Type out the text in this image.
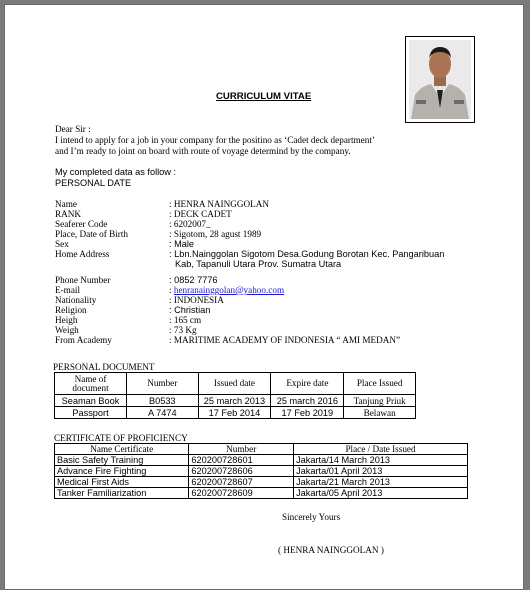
CURRICULUM VITAE
Dear Sir :
I intend to apply for a job in your company for the positino as ‘Cadet deck department’
and I’m ready to joint on board with route of voyage determind by the company.
My completed data as follow :
PERSONAL DATE
Name	: HENRA NAINGGOLAN
RANK	: DECK CADET
Seaferer Code	: 6202007_
Place, Date of Birth	: Sigotom, 28 agust 1989
Sex	: Male
Home Address	: Lbn.Nainggolan Sigotom Desa.Godung Borotan Kec. Pangaribuan
Kab, Tapanuli Utara Prov. Sumatra Utara
Phone Number	: 0852 7776
E-mail	: henranainggolan@yahoo.com
Nationality	: INDONESIA
Religion	: Christian
Heigh	: 165 cm
Weigh	: 73 Kg
From Academy	: MARITIME ACADEMY OF INDONESIA “ AMI MEDAN”
PERSONAL DOCUMENT
Name of document	Number	Issued date	Expire date	Place Issued
Seaman Book	B0533	25 march 2013	25 march 2016	Tanjung Priuk
Passport	A 7474	17 Feb 2014	17 Feb 2019	Belawan
CERTIFICATE OF PROFICIENCY
Name Certificate	Number	Place / Date Issued
Basic Safety Training	620200728601	Jakarta/14 March 2013
Advance Fire Fighting	620200728606	Jakarta/01 April 2013
Medical First Aids	620200728607	Jakarta/21 March 2013
Tanker Familiarization	620200728609	Jakarta/05 April 2013
Sincerely Yours
( HENRA NAINGGOLAN )
